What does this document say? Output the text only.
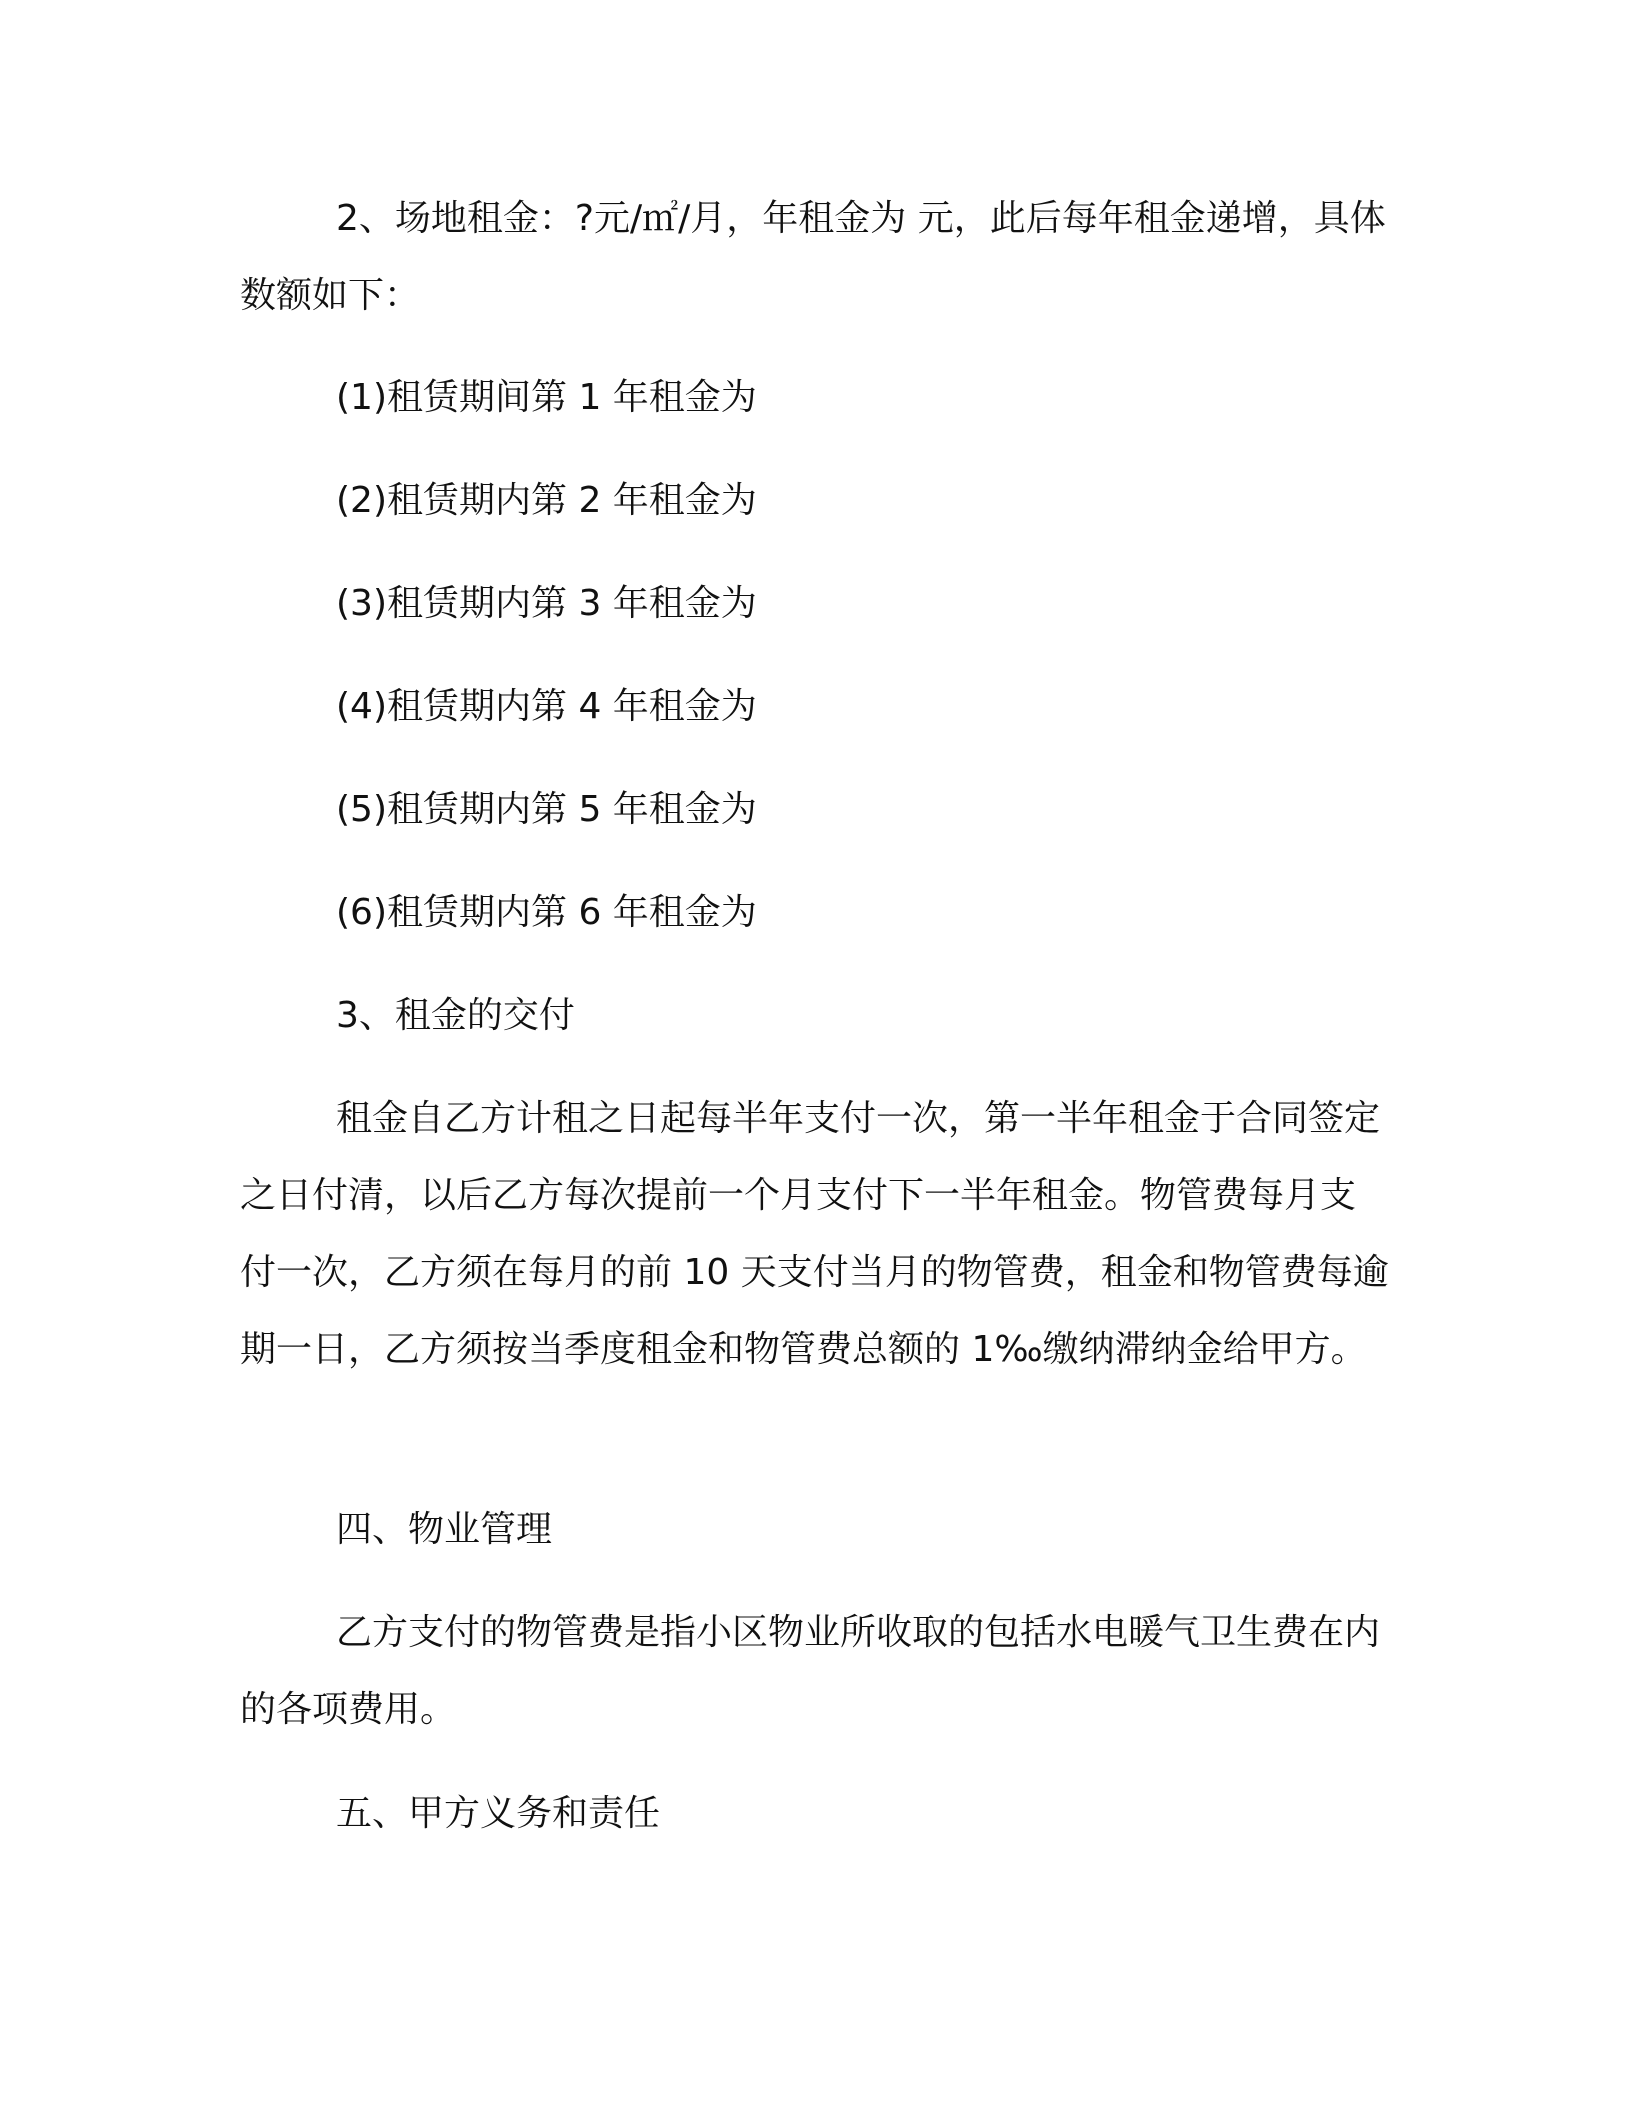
2、场地租金：?元/㎡/月，年租金为 元，此后每年租金递增，具体数额如下：

(1)租赁期间第 1 年租金为

(2)租赁期内第 2 年租金为

(3)租赁期内第 3 年租金为

(4)租赁期内第 4 年租金为

(5)租赁期内第 5 年租金为

(6)租赁期内第 6 年租金为

3、租金的交付

租金自乙方计租之日起每半年支付一次，第一半年租金于合同签定之日付清，以后乙方每次提前一个月支付下一半年租金。物管费每月支付一次，乙方须在每月的前 10 天支付当月的物管费，租金和物管费每逾期一日，乙方须按当季度租金和物管费总额的 1‰缴纳滞纳金给甲方。

四、物业管理

乙方支付的物管费是指小区物业所收取的包括水电暖气卫生费在内的各项费用。

五、甲方义务和责任
